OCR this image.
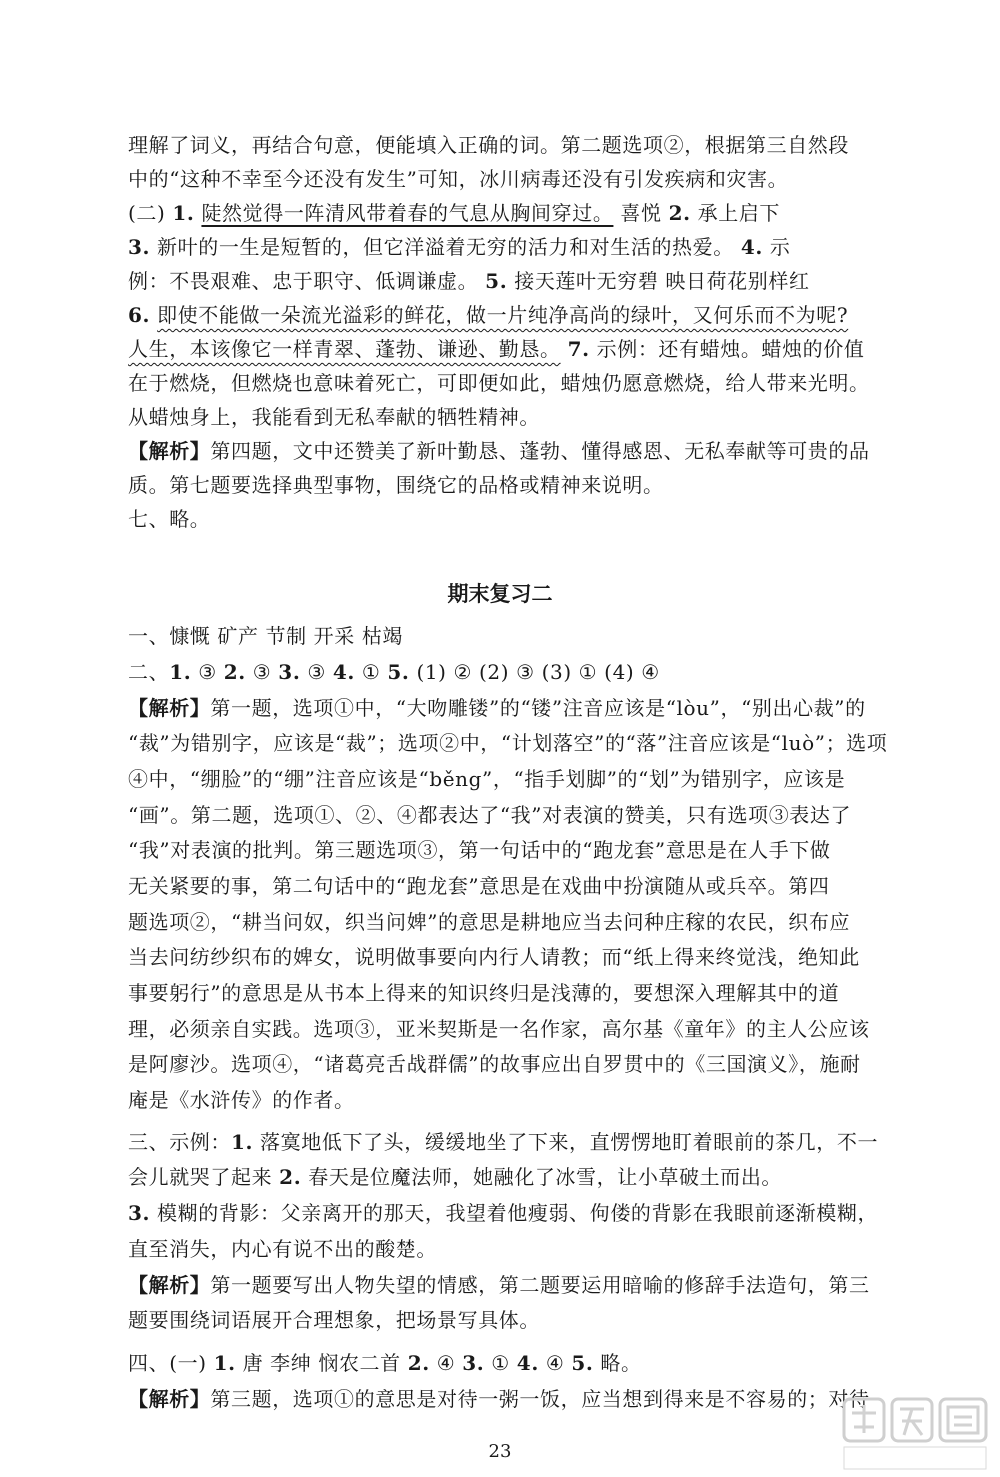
理解了词义，再结合句意，便能填入正确的词。第二题选项②，根据第三自然段
中的“这种不幸至今还没有发生”可知，冰川病毒还没有引发疾病和灾害。
(二) 1. 陡然觉得一阵清风带着春的气息从胸间穿过。 喜悦 2. 承上启下
3. 新叶的一生是短暂的，但它洋溢着无穷的活力和对生活的热爱。 4. 示
例：不畏艰难、忠于职守、低调谦虚。 5. 接天莲叶无穷碧 映日荷花别样红
6. 即使不能做一朵流光溢彩的鲜花，做一片纯净高尚的绿叶，又何乐而不为呢?
人生，本该像它一样青翠、蓬勃、谦逊、勤恳。 7. 示例：还有蜡烛。蜡烛的价值
在于燃烧，但燃烧也意味着死亡，可即便如此，蜡烛仍愿意燃烧，给人带来光明。
从蜡烛身上，我能看到无私奉献的牺牲精神。
【解析】第四题，文中还赞美了新叶勤恳、蓬勃、懂得感恩、无私奉献等可贵的品
质。第七题要选择典型事物，围绕它的品格或精神来说明。
七、略。
期末复习二
一、慷慨 矿产 节制 开采 枯竭
二、1. ③ 2. ③ 3. ③ 4. ① 5. (1) ② (2) ③ (3) ① (4) ④
【解析】第一题，选项①中，“大吻雕镂”的“镂”注音应该是“lòu”，“别出心裁”的
“裁”为错别字，应该是“裁”；选项②中，“计划落空”的“落”注音应该是“luò”；选项
④中，“绷脸”的“绷”注音应该是“běng”，“指手划脚”的“划”为错别字，应该是
“画”。第二题，选项①、②、④都表达了“我”对表演的赞美，只有选项③表达了
“我”对表演的批判。第三题选项③，第一句话中的“跑龙套”意思是在人手下做
无关紧要的事，第二句话中的“跑龙套”意思是在戏曲中扮演随从或兵卒。第四
题选项②，“耕当问奴，织当问婢”的意思是耕地应当去问种庄稼的农民，织布应
当去问纺纱织布的婢女，说明做事要向内行人请教；而“纸上得来终觉浅，绝知此
事要躬行”的意思是从书本上得来的知识终归是浅薄的，要想深入理解其中的道
理，必须亲自实践。选项③，亚米契斯是一名作家，高尔基《童年》的主人公应该
是阿廖沙。选项④，“诸葛亮舌战群儒”的故事应出自罗贯中的《三国演义》，施耐
庵是《水浒传》的作者。
三、示例：1. 落寞地低下了头，缓缓地坐了下来，直愣愣地盯着眼前的茶几，不一
会儿就哭了起来 2. 春天是位魔法师，她融化了冰雪，让小草破土而出。
3. 模糊的背影：父亲离开的那天，我望着他瘦弱、佝偻的背影在我眼前逐渐模糊，
直至消失，内心有说不出的酸楚。
【解析】第一题要写出人物失望的情感，第二题要运用暗喻的修辞手法造句，第三
题要围绕词语展开合理想象，把场景写具体。
四、(一) 1. 唐 李绅 悯农二首 2. ④ 3. ① 4. ④ 5. 略。
【解析】第三题，选项①的意思是对待一粥一饭，应当想到得来是不容易的；对待
23
